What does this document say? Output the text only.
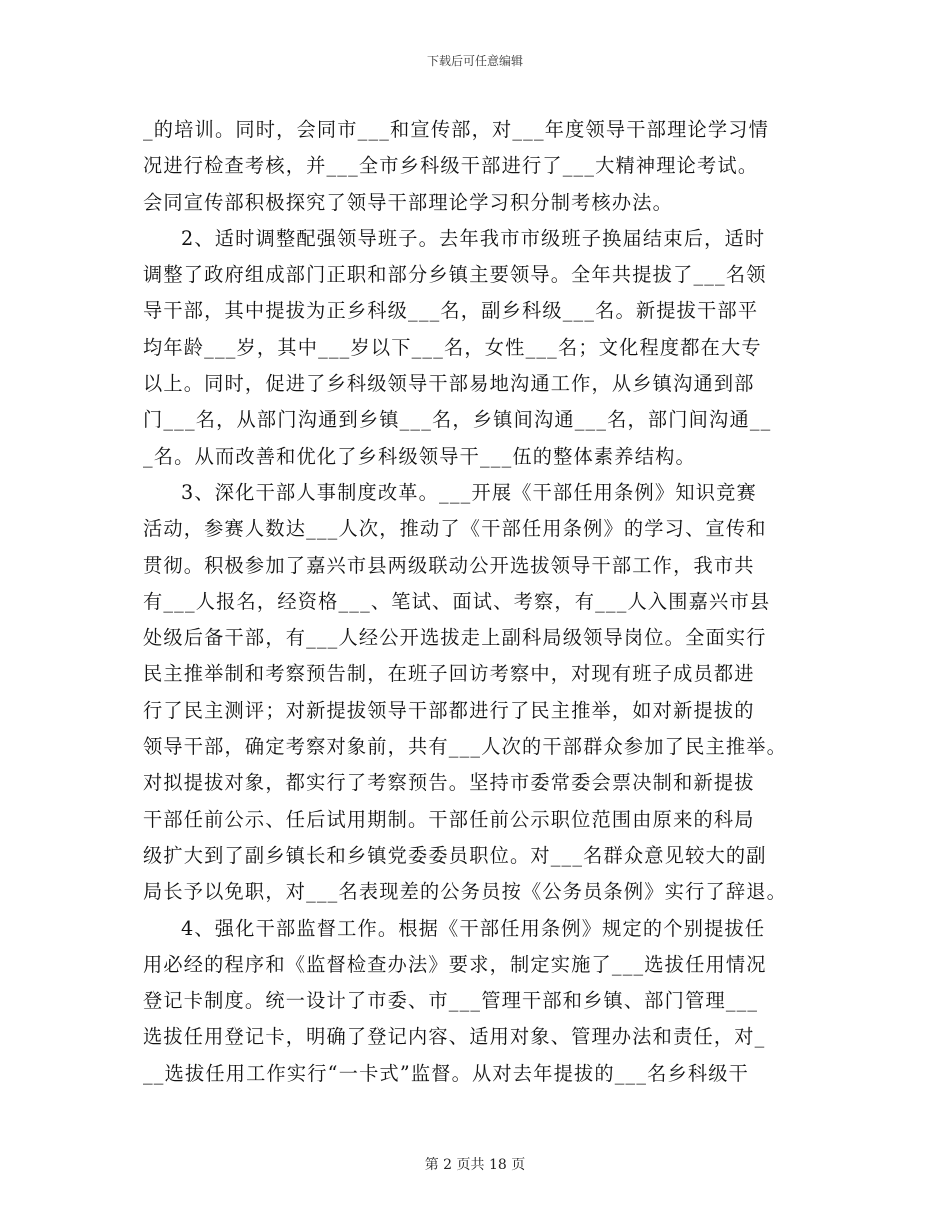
下载后可任意编辑
_的培训。同时，会同市___和宣传部，对___年度领导干部理论学习情
况进行检查考核，并___全市乡科级干部进行了___大精神理论考试。
会同宣传部积极探究了领导干部理论学习积分制考核办法。
2、适时调整配强领导班子。去年我市市级班子换届结束后，适时
调整了政府组成部门正职和部分乡镇主要领导。全年共提拔了___名领
导干部，其中提拔为正乡科级___名，副乡科级___名。新提拔干部平
均年龄___岁，其中___岁以下___名，女性___名；文化程度都在大专
以上。同时，促进了乡科级领导干部易地沟通工作，从乡镇沟通到部
门___名，从部门沟通到乡镇___名，乡镇间沟通___名，部门间沟通__
_名。从而改善和优化了乡科级领导干___伍的整体素养结构。
3、深化干部人事制度改革。___开展《干部任用条例》知识竞赛
活动，参赛人数达___人次，推动了《干部任用条例》的学习、宣传和
贯彻。积极参加了嘉兴市县两级联动公开选拔领导干部工作，我市共
有___人报名，经资格___、笔试、面试、考察，有___人入围嘉兴市县
处级后备干部，有___人经公开选拔走上副科局级领导岗位。全面实行
民主推举制和考察预告制，在班子回访考察中，对现有班子成员都进
行了民主测评；对新提拔领导干部都进行了民主推举，如对新提拔的
领导干部，确定考察对象前，共有___人次的干部群众参加了民主推举。
对拟提拔对象，都实行了考察预告。坚持市委常委会票决制和新提拔
干部任前公示、任后试用期制。干部任前公示职位范围由原来的科局
级扩大到了副乡镇长和乡镇党委委员职位。对___名群众意见较大的副
局长予以免职，对___名表现差的公务员按《公务员条例》实行了辞退。
4、强化干部监督工作。根据《干部任用条例》规定的个别提拔任
用必经的程序和《监督检查办法》要求，制定实施了___选拔任用情况
登记卡制度。统一设计了市委、市___管理干部和乡镇、部门管理___
选拔任用登记卡，明确了登记内容、适用对象、管理办法和责任，对_
__选拔任用工作实行“一卡式”监督。从对去年提拔的___名乡科级干
第 2 页共 18 页
